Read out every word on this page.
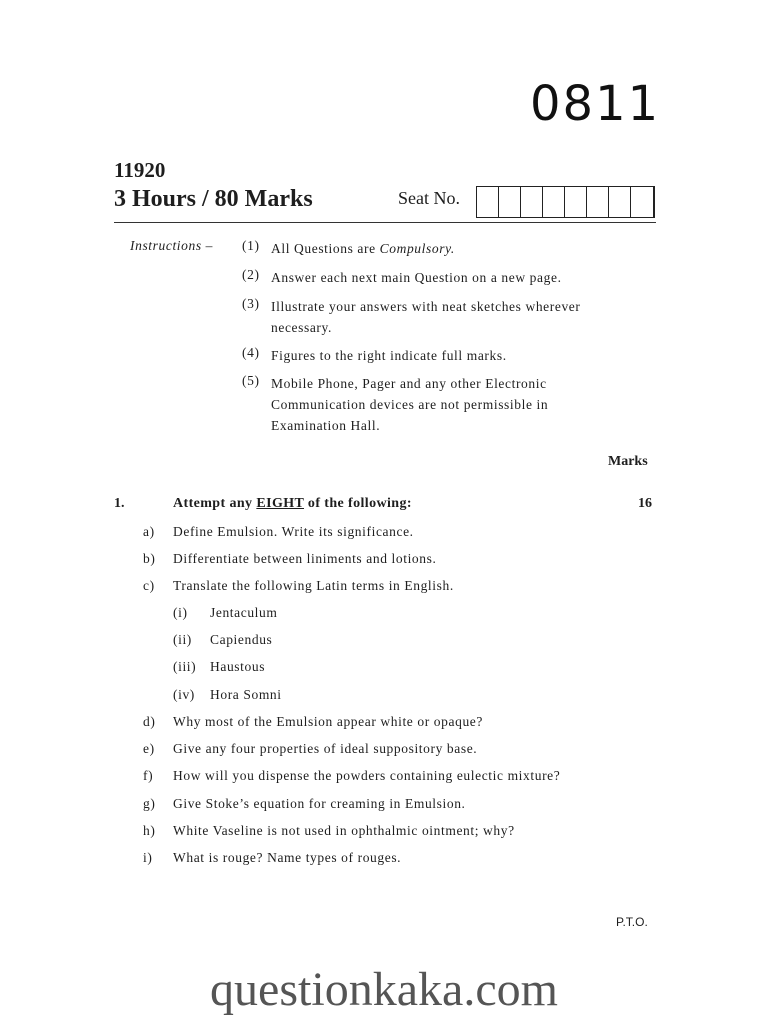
0811
11920
3 Hours / 80 Marks	Seat No.
Instructions – (1) All Questions are Compulsory.
(2) Answer each next main Question on a new page.
(3) Illustrate your answers with neat sketches wherever
necessary.
(4) Figures to the right indicate full marks.
(5) Mobile Phone, Pager and any other Electronic
Communication devices are not permissible in
Examination Hall.
Marks
1.	Attempt any EIGHT of the following:	16
a) Define Emulsion. Write its significance.
b) Differentiate between liniments and lotions.
c) Translate the following Latin terms in English.
(i) Jentaculum
(ii) Capiendus
(iii) Haustous
(iv) Hora Somni
d) Why most of the Emulsion appear white or opaque?
e) Give any four properties of ideal suppository base.
f) How will you dispense the powders containing eulectic mixture?
g) Give Stoke’s equation for creaming in Emulsion.
h) White Vaseline is not used in ophthalmic ointment; why?
i) What is rouge? Name types of rouges.
P.T.O.
questionkaka.com
